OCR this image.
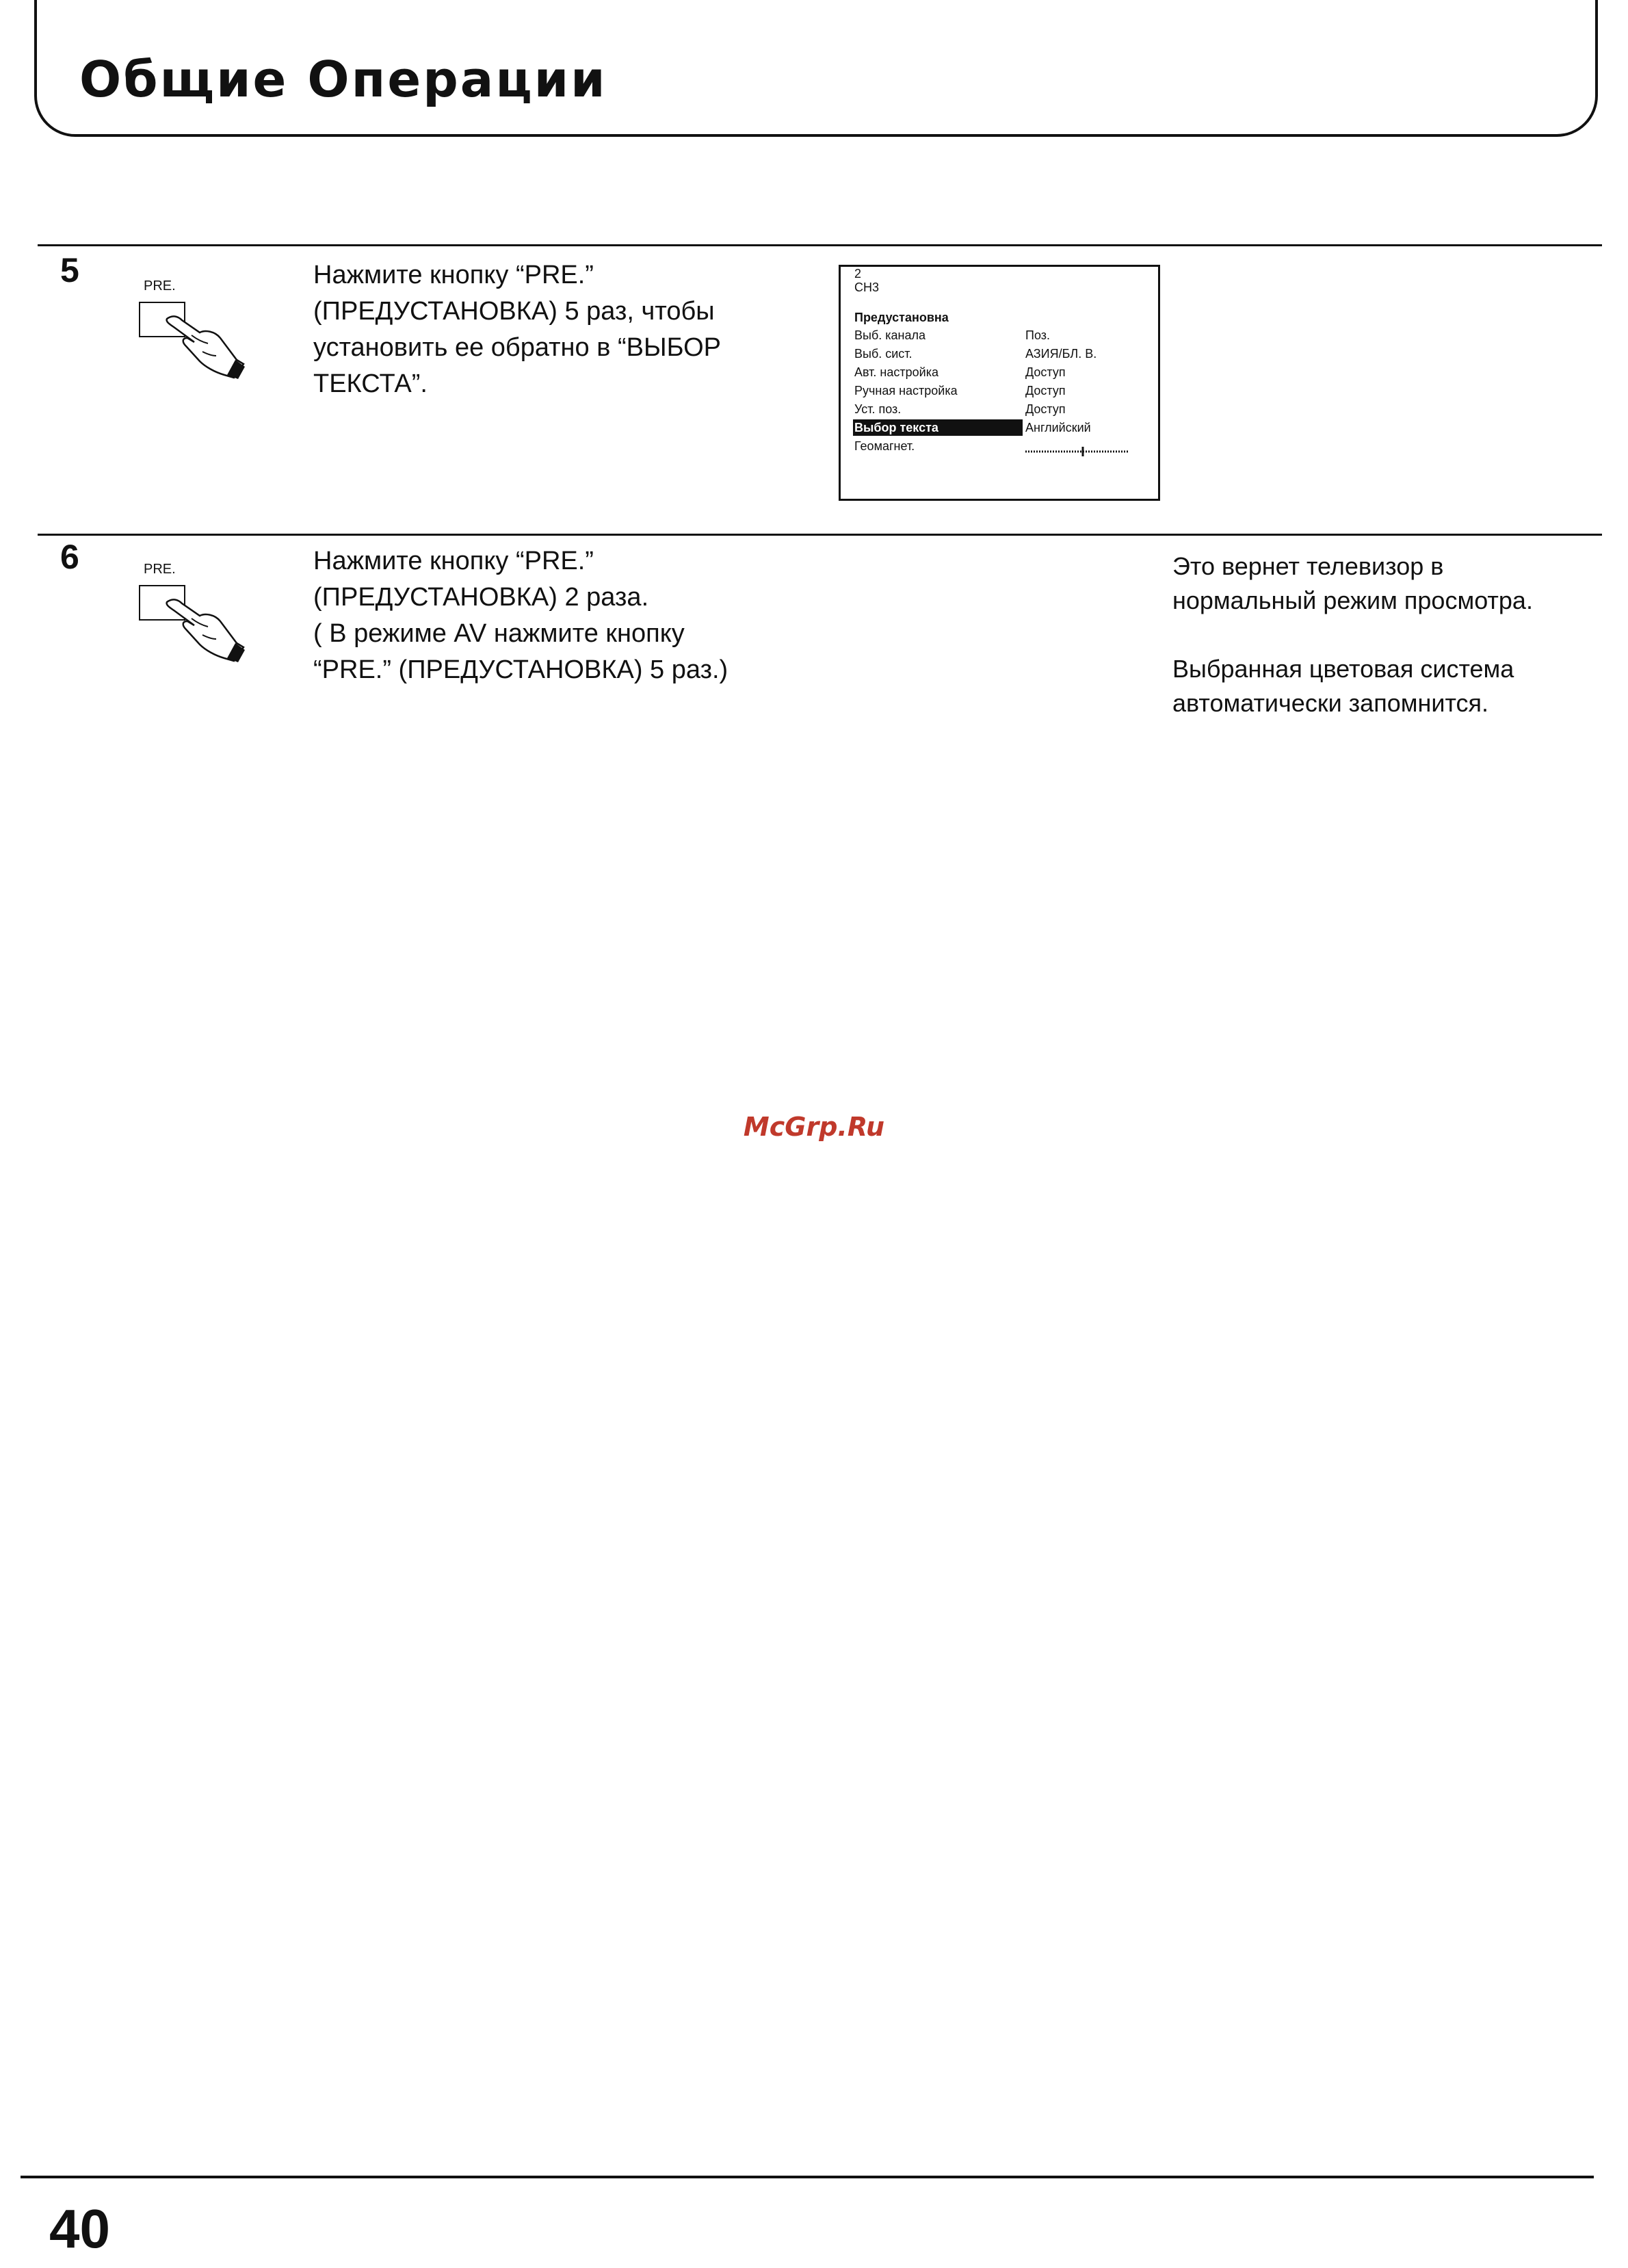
Общие Операции
5	PRE.	Нажмите кнопку “PRE.”
(ПРЕДУСТАНОВКА) 5 раз, чтобы
установить ее обратно в “ВЫБОР
ТЕКСТА”.
2
CH3
Предустановна
Выб. канала	Поз.
Выб. сист.	АЗИЯ/БЛ. В.
Авт. настройка	Доступ
Ручная настройка	Доступ
Уст. поз.	Доступ
Выбор текста	Английский
Геомагнет.
6	PRE.	Нажмите кнопку “PRE.”
(ПРЕДУСТАНОВКА) 2 раза.
( В режиме AV нажмите кнопку
“PRE.” (ПРЕДУСТАНОВКА) 5 раз.)

Это вернет телевизор в нормальный режим просмотра.

Выбранная цветовая система автоматически запомнится.

McGrp.Ru
40
